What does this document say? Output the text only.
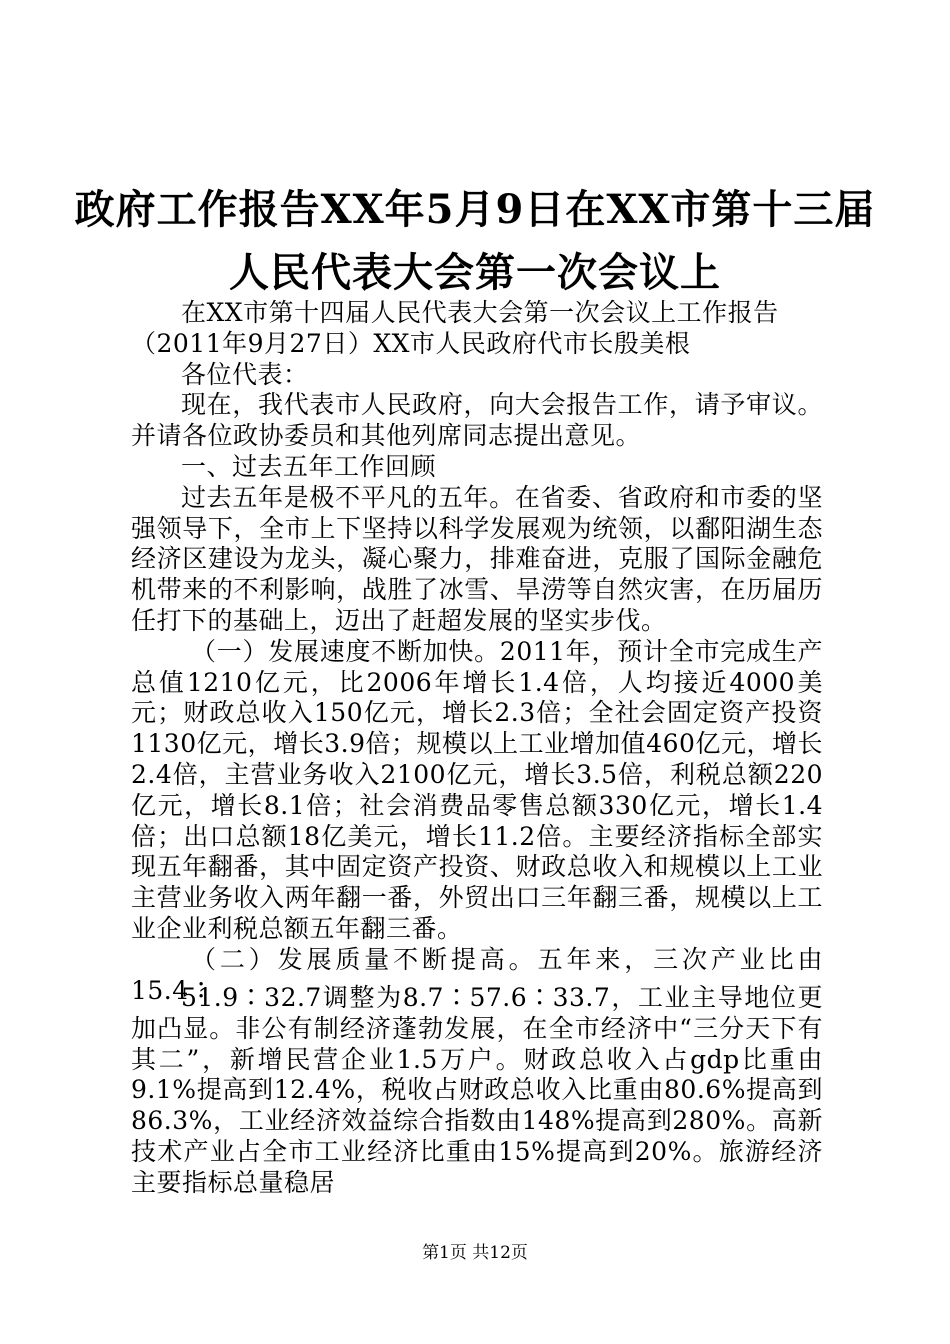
政府工作报告XX年5月9日在XX市第十三届
人民代表大会第一次会议上

在XX市第十四届人民代表大会第一次会议上工作报告

（2011年9月27日）XX市人民政府代市长殷美根

各位代表：

现在，我代表市人民政府，向大会报告工作，请予审议。并请各位政协委员和其他列席同志提出意见。

一、过去五年工作回顾

过去五年是极不平凡的五年。在省委、省政府和市委的坚强领导下，全市上下坚持以科学发展观为统领，以鄱阳湖生态经济区建设为龙头，凝心聚力，排难奋进，克服了国际金融危机带来的不利影响，战胜了冰雪、旱涝等自然灾害，在历届历任打下的基础上，迈出了赶超发展的坚实步伐。

（一）发展速度不断加快。2011年，预计全市完成生产总值1210亿元，比2006年增长1.4倍，人均接近4000美元；财政总收入150亿元，增长2.3倍；全社会固定资产投资1130亿元，增长3.9倍；规模以上工业增加值460亿元，增长2.4倍，主营业务收入2100亿元，增长3.5倍，利税总额220亿元，增长8.1倍；社会消费品零售总额330亿元，增长1.4倍；出口总额18亿美元，增长11.2倍。主要经济指标全部实现五年翻番，其中固定资产投资、财政总收入和规模以上工业主营业务收入两年翻一番，外贸出口三年翻三番，规模以上工业企业利税总额五年翻三番。

（二）发展质量不断提高。五年来，三次产业比由15.4∶

51.9∶32.7调整为8.7∶57.6∶33.7，工业主导地位更加凸显。非公有制经济蓬勃发展，在全市经济中“三分天下有其二”，新增民营企业1.5万户。财政总收入占gdp比重由9.1%提高到12.4%，税收占财政总收入比重由80.6%提高到86.3%，工业经济效益综合指数由148%提高到280%。高新技术产业占全市工业经济比重由15%提高到20%。旅游经济主要指标总量稳居

第1页 共12页
